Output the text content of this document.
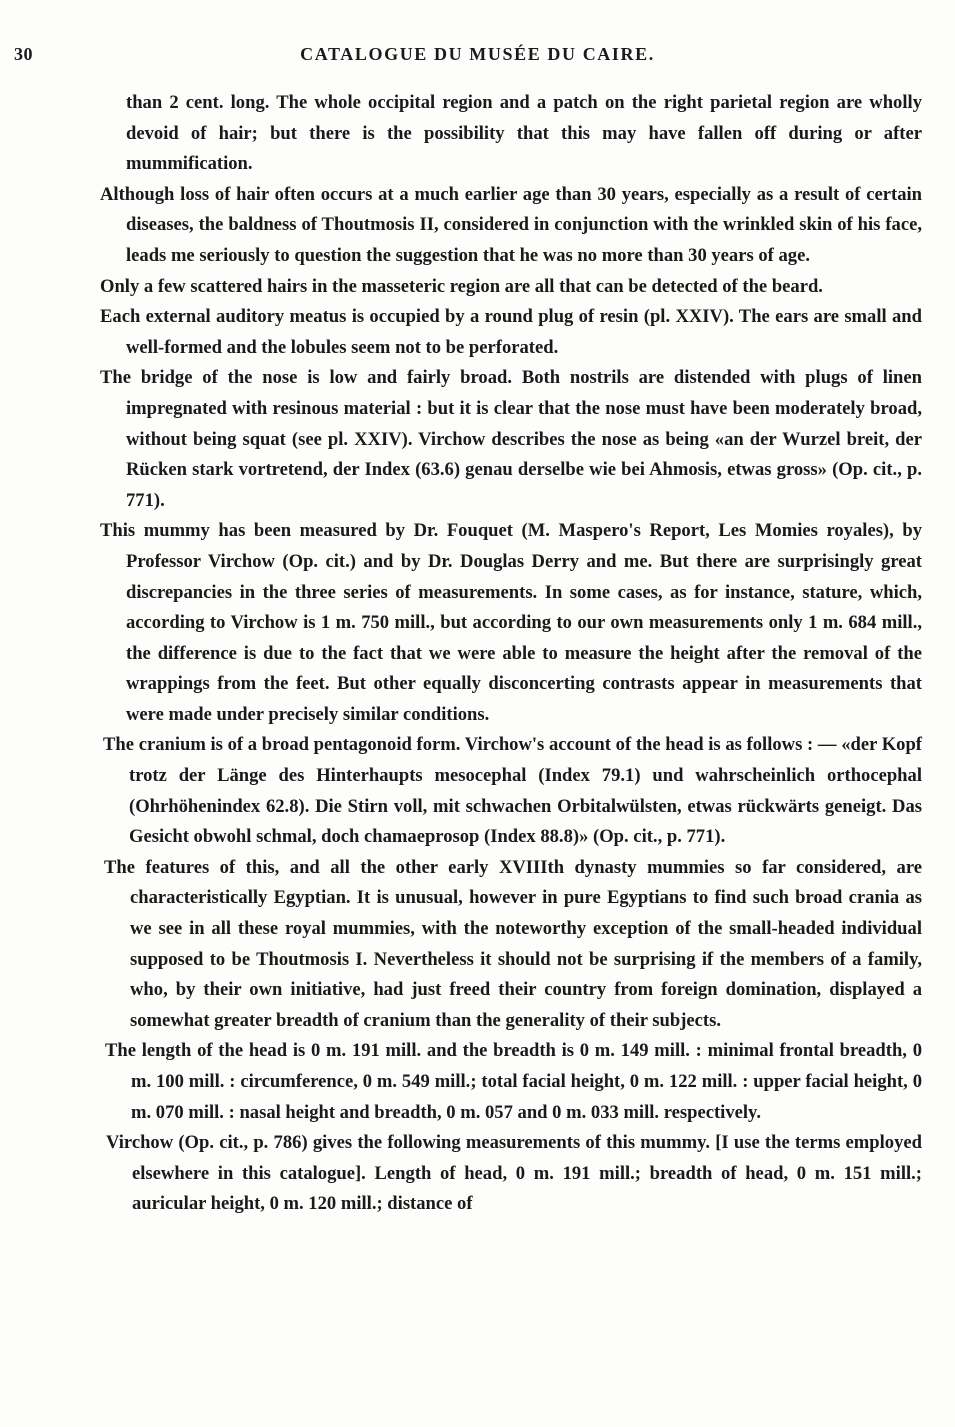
30	CATALOGUE DU MUSÉE DU CAIRE.

than 2 cent. long. The whole occipital region and a patch on the right parietal region are wholly devoid of hair; but there is the possibility that this may have fallen off during or after mummification.

Although loss of hair often occurs at a much earlier age than 30 years, especially as a result of certain diseases, the baldness of Thoutmosis II, considered in conjunction with the wrinkled skin of his face, leads me seriously to question the suggestion that he was no more than 30 years of age.

Only a few scattered hairs in the masseteric region are all that can be detected of the beard.

Each external auditory meatus is occupied by a round plug of resin (pl. XXIV). The ears are small and well-formed and the lobules seem not to be perforated.

The bridge of the nose is low and fairly broad. Both nostrils are distended with plugs of linen impregnated with resinous material : but it is clear that the nose must have been moderately broad, without being squat (see pl. XXIV). Virchow describes the nose as being «an der Wurzel breit, der Rücken stark vortretend, der Index (63.6) genau derselbe wie bei Ahmosis, etwas gross» (Op. cit., p. 771).

This mummy has been measured by Dr. Fouquet (M. Maspero's Report, Les Momies royales), by Professor Virchow (Op. cit.) and by Dr. Douglas Derry and me. But there are surprisingly great discrepancies in the three series of measurements. In some cases, as for instance, stature, which, according to Virchow is 1 m. 750 mill., but according to our own measurements only 1 m. 684 mill., the difference is due to the fact that we were able to measure the height after the removal of the wrappings from the feet. But other equally disconcerting contrasts appear in measurements that were made under precisely similar conditions.

The cranium is of a broad pentagonoid form. Virchow's account of the head is as follows : — «der Kopf trotz der Länge des Hinterhaupts mesocephal (Index 79.1) und wahrscheinlich orthocephal (Ohrhöhenindex 62.8). Die Stirn voll, mit schwachen Orbitalwülsten, etwas rückwärts geneigt. Das Gesicht obwohl schmal, doch chamaeprosop (Index 88.8)» (Op. cit., p. 771).

The features of this, and all the other early XVIIIth dynasty mummies so far considered, are characteristically Egyptian. It is unusual, however in pure Egyptians to find such broad crania as we see in all these royal mummies, with the noteworthy exception of the small-headed individual supposed to be Thoutmosis I. Nevertheless it should not be surprising if the members of a family, who, by their own initiative, had just freed their country from foreign domination, displayed a somewhat greater breadth of cranium than the generality of their subjects.

The length of the head is 0 m. 191 mill. and the breadth is 0 m. 149 mill. : minimal frontal breadth, 0 m. 100 mill. : circumference, 0 m. 549 mill.; total facial height, 0 m. 122 mill. : upper facial height, 0 m. 070 mill. : nasal height and breadth, 0 m. 057 and 0 m. 033 mill. respectively.

Virchow (Op. cit., p. 786) gives the following measurements of this mummy. [I use the terms employed elsewhere in this catalogue]. Length of head, 0 m. 191 mill.; breadth of head, 0 m. 151 mill.; auricular height, 0 m. 120 mill.; distance of
